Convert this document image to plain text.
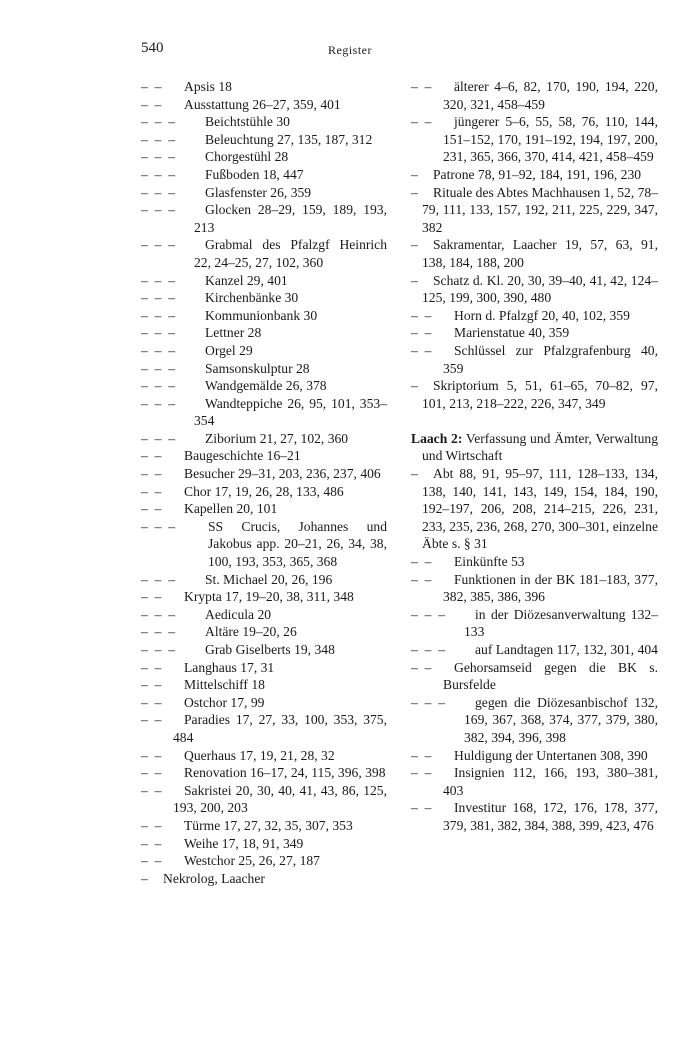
540	Register
–  –	Apsis 18
–  –	Ausstattung 26–27, 359, 401
–  –  –	Beichtstühle 30
–  –  –	Beleuchtung 27, 135, 187, 312
–  –  –	Chorgestühl 28
–  –  –	Fußboden 18, 447
–  –  –	Glasfenster 26, 359
–  –  –	Glocken 28–29, 159, 189, 193, 213
–  –  –	Grabmal des Pfalzgf Heinrich 22, 24–25, 27, 102, 360
–  –  –	Kanzel 29, 401
–  –  –	Kirchenbänke 30
–  –  –	Kommunionbank 30
–  –  –	Lettner 28
–  –  –	Orgel 29
–  –  –	Samsonskulptur 28
–  –  –	Wandgemälde 26, 378
–  –  –	Wandteppiche 26, 95, 101, 353–354
–  –  –	Ziborium 21, 27, 102, 360
–  –	Baugeschichte 16–21
–  –	Besucher 29–31, 203, 236, 237, 406
–  –	Chor 17, 19, 26, 28, 133, 486
–  –	Kapellen 20, 101
–  –  –	SS Crucis, Johannes und Jakobus app. 20–21, 26, 34, 38, 100, 193, 353, 365, 368
–  –  –	St. Michael 20, 26, 196
–  –	Krypta 17, 19–20, 38, 311, 348
–  –  –	Aedicula 20
–  –  –	Altäre 19–20, 26
–  –  –	Grab Giselberts 19, 348
–  –	Langhaus 17, 31
–  –	Mittelschiff 18
–  –	Ostchor 17, 99
–  –	Paradies 17, 27, 33, 100, 353, 375, 484
–  –	Querhaus 17, 19, 21, 28, 32
–  –	Renovation 16–17, 24, 115, 396, 398
–  –	Sakristei 20, 30, 40, 41, 43, 86, 125, 193, 200, 203
–  –	Türme 17, 27, 32, 35, 307, 353
–  –	Weihe 17, 18, 91, 349
–  –	Westchor 25, 26, 27, 187
–	Nekrolog, Laacher
–  –	älterer 4–6, 82, 170, 190, 194, 220, 320, 321, 458–459
–  –	jüngerer 5–6, 55, 58, 76, 110, 144, 151–152, 170, 191–192, 194, 197, 200, 231, 365, 366, 370, 414, 421, 458–459
–	Patrone 78, 91–92, 184, 191, 196, 230
–	Rituale des Abtes Machhausen 1, 52, 78–79, 111, 133, 157, 192, 211, 225, 229, 347, 382
–	Sakramentar, Laacher 19, 57, 63, 91, 138, 184, 188, 200
–	Schatz d. Kl. 20, 30, 39–40, 41, 42, 124–125, 199, 300, 390, 480
–  –	Horn d. Pfalzgf 20, 40, 102, 359
–  –	Marienstatue 40, 359
–  –	Schlüssel zur Pfalzgrafenburg 40, 359
–	Skriptorium 5, 51, 61–65, 70–82, 97, 101, 213, 218–222, 226, 347, 349
Laach 2: Verfassung und Ämter, Verwaltung und Wirtschaft
–	Abt 88, 91, 95–97, 111, 128–133, 134, 138, 140, 141, 143, 149, 154, 184, 190, 192–197, 206, 208, 214–215, 226, 231, 233, 235, 236, 268, 270, 300–301, einzelne Äbte s. § 31
–  –	Einkünfte 53
–  –	Funktionen in der BK 181–183, 377, 382, 385, 386, 396
–  –  –	in der Diözesanverwaltung 132–133
–  –  –	auf Landtagen 117, 132, 301, 404
–  –	Gehorsamseid gegen die BK s. Bursfelde
–  –  –	gegen die Diözesanbischof 132, 169, 367, 368, 374, 377, 379, 380, 382, 394, 396, 398
–  –	Huldigung der Untertanen 308, 390
–  –	Insignien 112, 166, 193, 380–381, 403
–  –	Investitur 168, 172, 176, 178, 377, 379, 381, 382, 384, 388, 399, 423, 476
